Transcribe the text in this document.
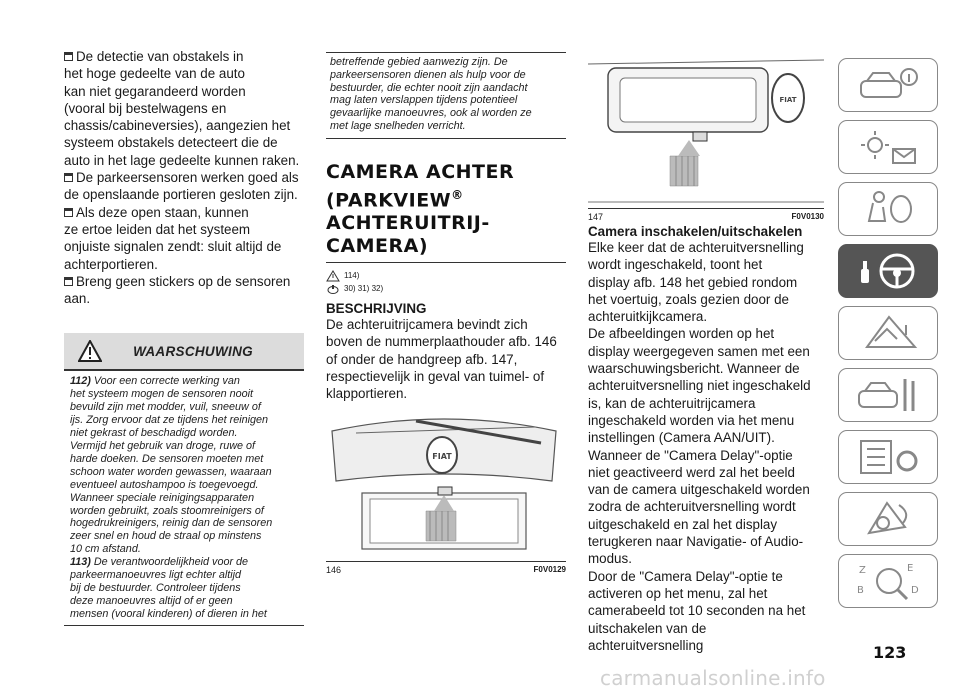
De detectie van obstakels in
het hoge gedeelte van de auto
kan niet gegarandeerd worden
(vooral bij bestelwagens en
chassis/cabineversies), aangezien het
systeem obstakels detecteert die de
auto in het lage gedeelte kunnen raken.
De parkeersensoren werken goed als
de openslaande portieren gesloten zijn.
Als deze open staan, kunnen
ze ertoe leiden dat het systeem
onjuiste signalen zendt: sluit altijd de
achterportieren.
Breng geen stickers op de sensoren
aan.
WAARSCHUWING

112) Voor een correcte werking van

het systeem mogen de sensoren nooit

bevuild zijn met modder, vuil, sneeuw of

ijs. Zorg ervoor dat ze tijdens het reinigen

niet gekrast of beschadigd worden.

Vermijd het gebruik van droge, ruwe of

harde doeken. De sensoren moeten met

schoon water worden gewassen, waaraan

eventueel autoshampoo is toegevoegd.

Wanneer speciale reinigingsapparaten

worden gebruikt, zoals stoomreinigers of

hogedrukreinigers, reinig dan de sensoren

zeer snel en houd de straal op minstens

10 cm afstand.

113) De verantwoordelijkheid voor de

parkeermanoeuvres ligt echter altijd

bij de bestuurder. Controleer tijdens

deze manoeuvres altijd of er geen

mensen (vooral kinderen) of dieren in het

betreffende gebied aanwezig zijn. De
parkeersensoren dienen als hulp voor de
bestuurder, die echter nooit zijn aandacht
mag laten verslappen tijdens potentieel
gevaarlijke manoeuvres, ook al worden ze
met lage snelheden verricht.
CAMERA ACHTER
(PARKVIEW®
ACHTERUITRIJ-
CAMERA)
114)
30) 31) 32)
BESCHRIJVING
De achteruitrijcamera bevindt zich
boven de nummerplaathouder afb. 146
of onder de handgreep afb. 147,
respectievelijk in geval van tuimel- of
klapportieren.
FIAT
146	F0V0129
FIAT
147	F0V0130
Camera inschakelen/uitschakelen
Elke keer dat de achteruitversnelling
wordt ingeschakeld, toont het
display afb. 148 het gebied rondom
het voertuig, zoals gezien door de
achteruitkijkcamera.
De afbeeldingen worden op het
display weergegeven samen met een
waarschuwingsbericht. Wanneer de
achteruitversnelling niet ingeschakeld
is, kan de achteruitrijcamera
ingeschakeld worden via het menu
instellingen (Camera AAN/UIT).
Wanneer de "Camera Delay"-optie
niet geactiveerd werd zal het beeld
van de camera uitgeschakeld worden
zodra de achteruitversnelling wordt
uitgeschakeld en zal het display
terugkeren naar Navigatie- of Audio-
modus.
Door de "Camera Delay"-optie te
activeren op het menu, zal het
camerabeeld tot 10 seconden na het
uitschakelen van de achteruitversnelling
Z	E
B	D
123
carmanualsonline.info
